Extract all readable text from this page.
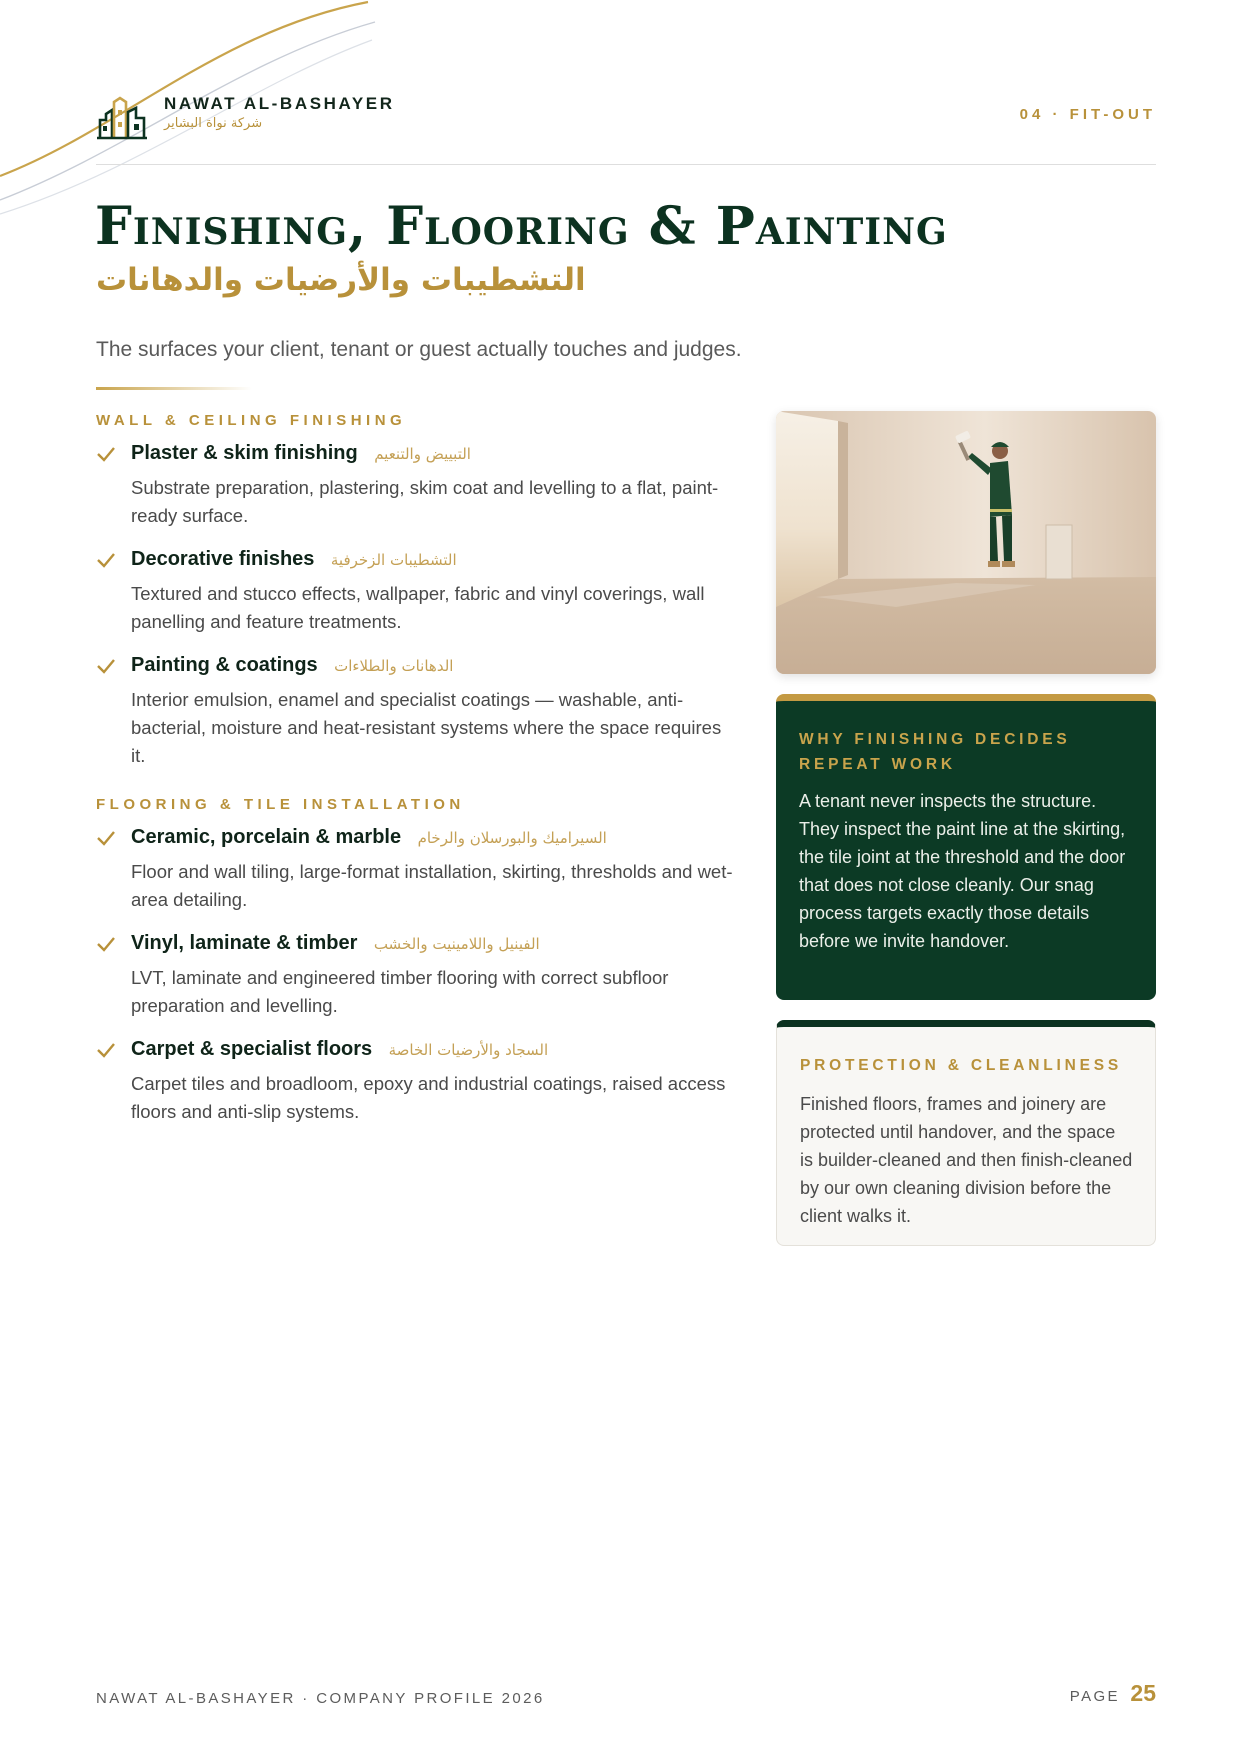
NAWAT AL-BASHAYER
شركة نواة البشاير
04 · FIT-OUT
Finishing, Flooring & Painting
التشطيبات والأرضيات والدهانات
The surfaces your client, tenant or guest actually touches and judges.
WALL & CEILING FINISHING
Plaster & skim finishing التبييض والتنعيم
Substrate preparation, plastering, skim coat and levelling to a flat, paint-ready surface.
Decorative finishes التشطيبات الزخرفية
Textured and stucco effects, wallpaper, fabric and vinyl coverings, wall panelling and feature treatments.
Painting & coatings الدهانات والطلاءات
Interior emulsion, enamel and specialist coatings — washable, anti-bacterial, moisture and heat-resistant systems where the space requires it.
FLOORING & TILE INSTALLATION
Ceramic, porcelain & marble السيراميك والبورسلان والرخام
Floor and wall tiling, large-format installation, skirting, thresholds and wet-area detailing.
Vinyl, laminate & timber الفينيل واللامينيت والخشب
LVT, laminate and engineered timber flooring with correct subfloor preparation and levelling.
Carpet & specialist floors السجاد والأرضيات الخاصة
Carpet tiles and broadloom, epoxy and industrial coatings, raised access floors and anti-slip systems.
WHY FINISHING DECIDES REPEAT WORK
A tenant never inspects the structure. They inspect the paint line at the skirting, the tile joint at the threshold and the door that does not close cleanly. Our snag process targets exactly those details before we invite handover.
PROTECTION & CLEANLINESS
Finished floors, frames and joinery are protected until handover, and the space is builder-cleaned and then finish-cleaned by our own cleaning division before the client walks it.
NAWAT AL-BASHAYER · COMPANY PROFILE 2026	PAGE 25
